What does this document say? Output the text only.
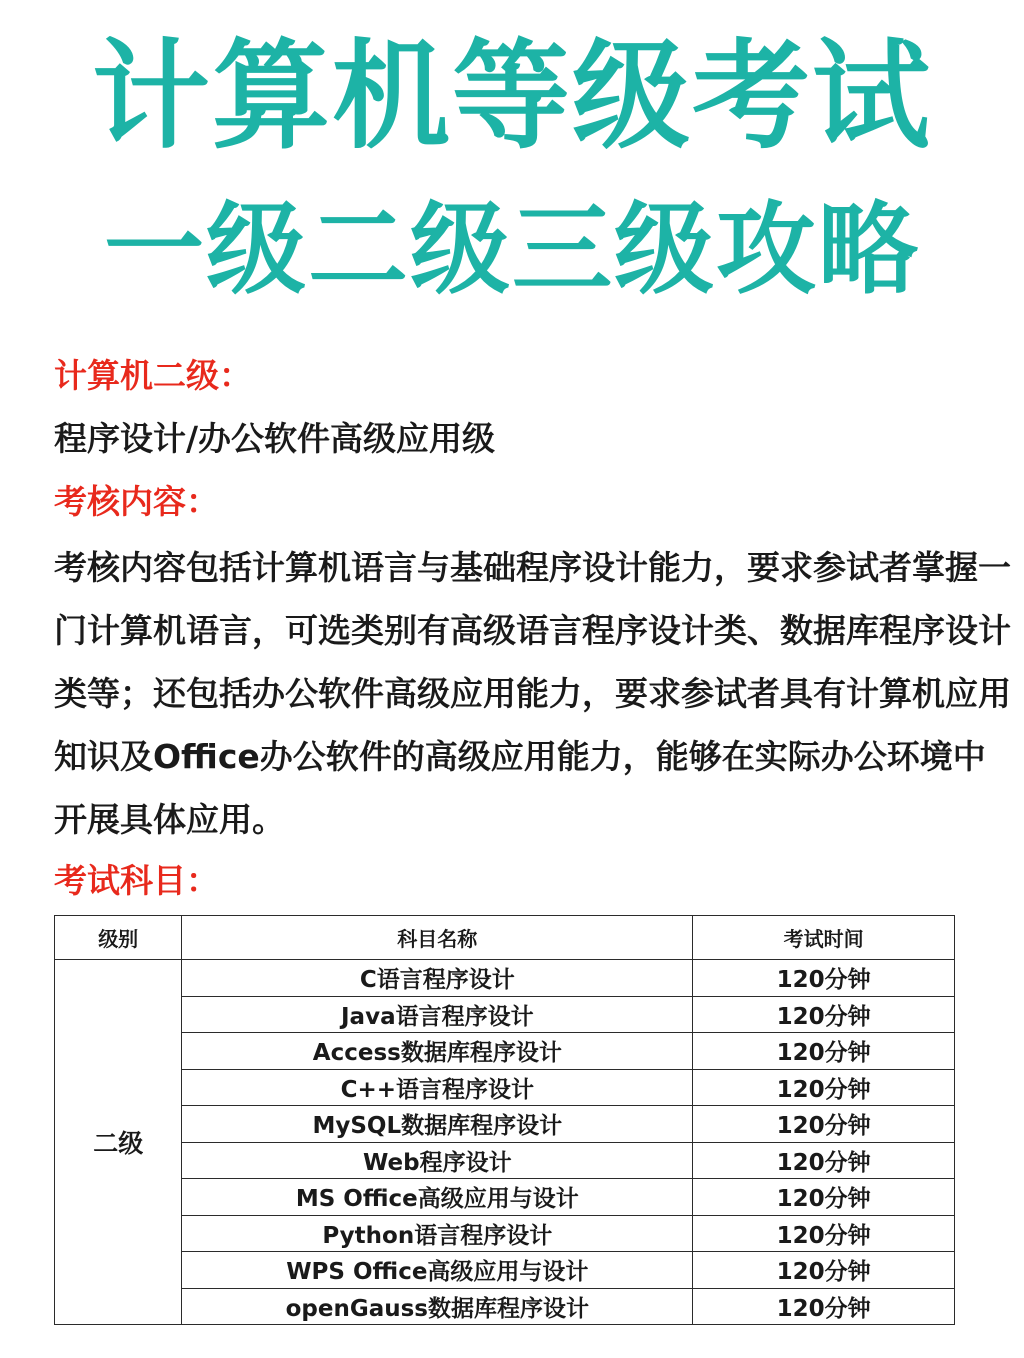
计算机等级考试
一级二级三级攻略
计算机二级：
程序设计/办公软件高级应用级
考核内容：
考核内容包括计算机语言与基础程序设计能力，要求参试者掌握一门计算机语言，可选类别有高级语言程序设计类、数据库程序设计类等；还包括办公软件高级应用能力，要求参试者具有计算机应用知识及Office办公软件的高级应用能力，能够在实际办公环境中开展具体应用。
考试科目：
级别	科目名称	考试时间
二级	C语言程序设计	120分钟
	Java语言程序设计	120分钟
	Access数据库程序设计	120分钟
	C++语言程序设计	120分钟
	MySQL数据库程序设计	120分钟
	Web程序设计	120分钟
	MS Office高级应用与设计	120分钟
	Python语言程序设计	120分钟
	WPS Office高级应用与设计	120分钟
	openGauss数据库程序设计	120分钟
